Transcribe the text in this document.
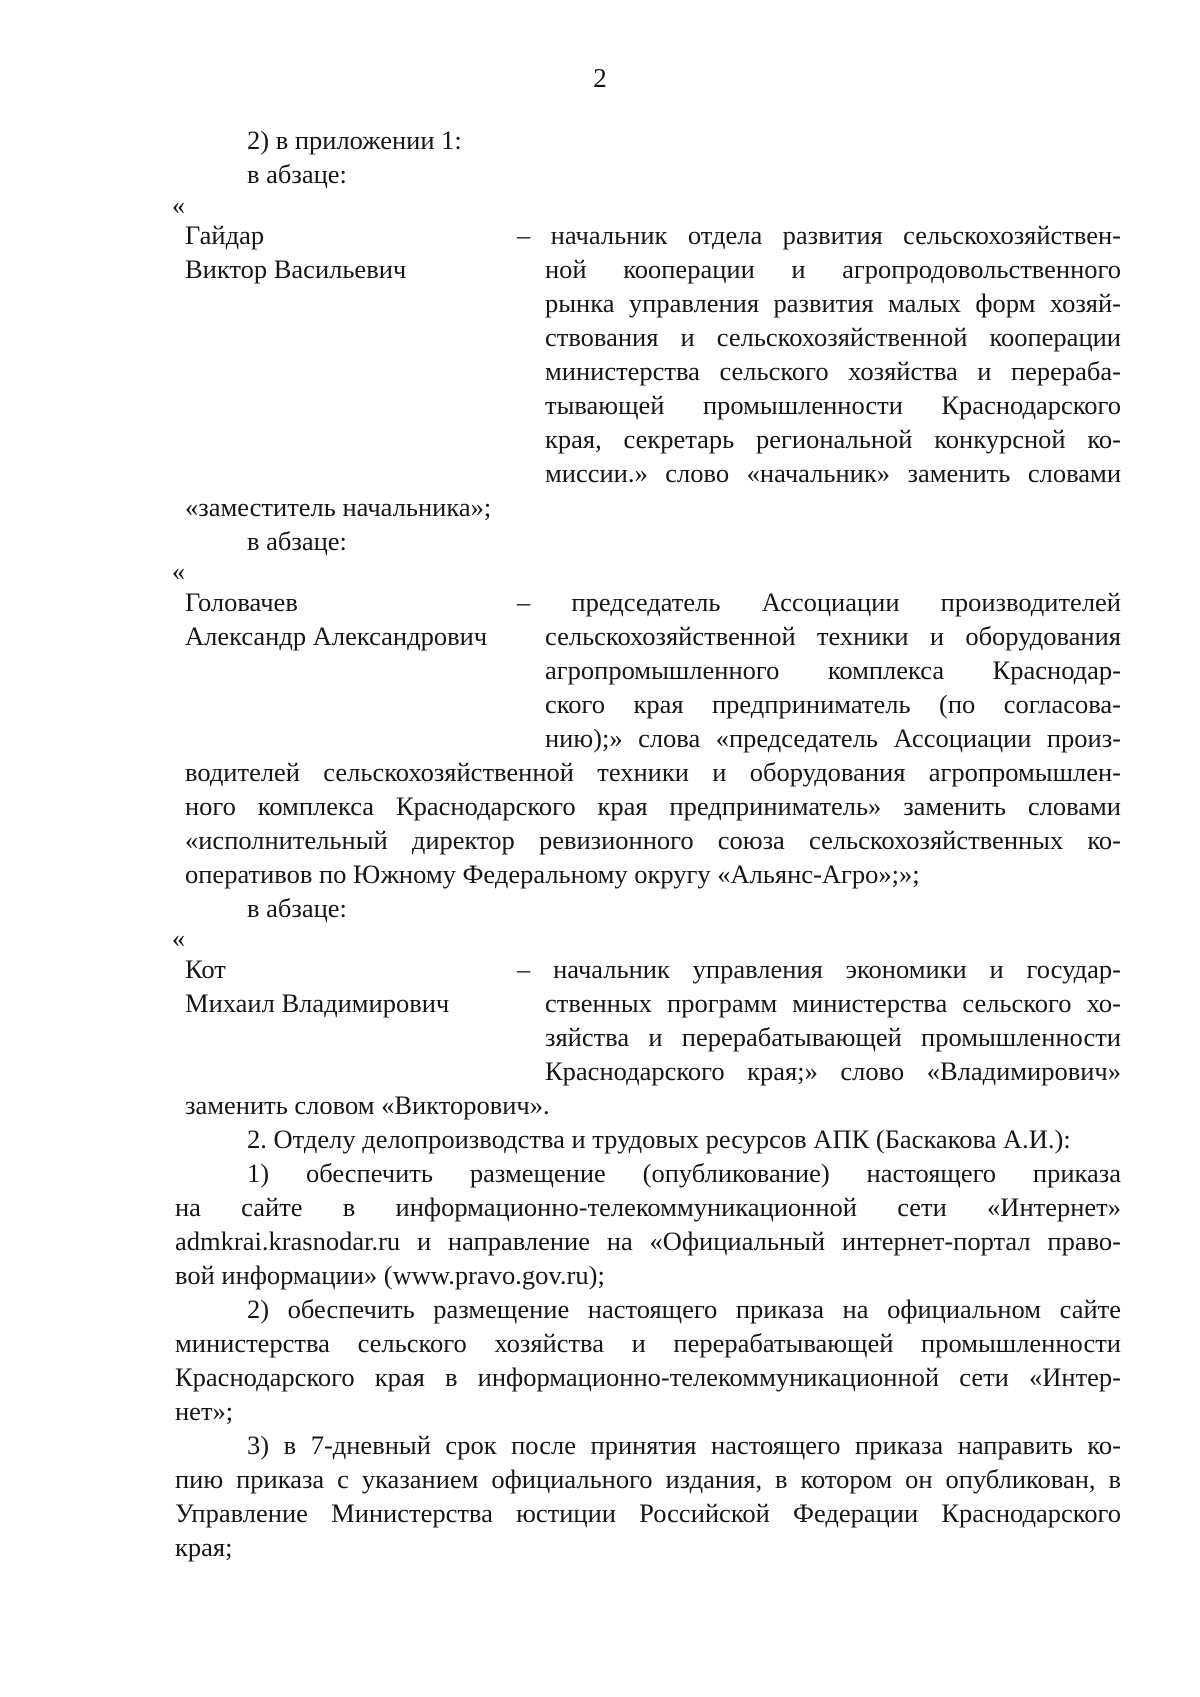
2
2) в приложении 1:
в абзаце:
«
Гайдар
Виктор Васильевич
– начальник отдела развития сельскохозяйствен-
ной кооперации и агропродовольственного
рынка управления развития малых форм хозяй-
ствования и сельскохозяйственной кооперации
министерства сельского хозяйства и перераба-
тывающей промышленности Краснодарского
края, секретарь региональной конкурсной ко-
миссии.» слово «начальник» заменить словами
«заместитель начальника»;
в абзаце:
«
Головачев
Александр Александрович
– председатель Ассоциации производителей
сельскохозяйственной техники и оборудования
агропромышленного комплекса Краснодар-
ского края предприниматель (по согласова-
нию);» слова «председатель Ассоциации произ-
водителей сельскохозяйственной техники и оборудования агропромышлен-
ного комплекса Краснодарского края предприниматель» заменить словами
«исполнительный директор ревизионного союза сельскохозяйственных ко-
оперативов по Южному Федеральному округу «Альянс-Агро»;»;
в абзаце:
«
Кот
Михаил Владимирович
– начальник управления экономики и государ-
ственных программ министерства сельского хо-
зяйства и перерабатывающей промышленности
Краснодарского края;» слово «Владимирович»
заменить словом «Викторович».
2. Отделу делопроизводства и трудовых ресурсов АПК (Баскакова А.И.):
1) обеспечить размещение (опубликование) настоящего приказа
на сайте в информационно-телекоммуникационной сети «Интернет»
admkrai.krasnodar.ru и направление на «Официальный интернет-портал право-
вой информации» (www.pravo.gov.ru);
2) обеспечить размещение настоящего приказа на официальном сайте
министерства сельского хозяйства и перерабатывающей промышленности
Краснодарского края в информационно-телекоммуникационной сети «Интер-
нет»;
3) в 7-дневный срок после принятия настоящего приказа направить ко-
пию приказа с указанием официального издания, в котором он опубликован, в
Управление Министерства юстиции Российской Федерации Краснодарского
края;
